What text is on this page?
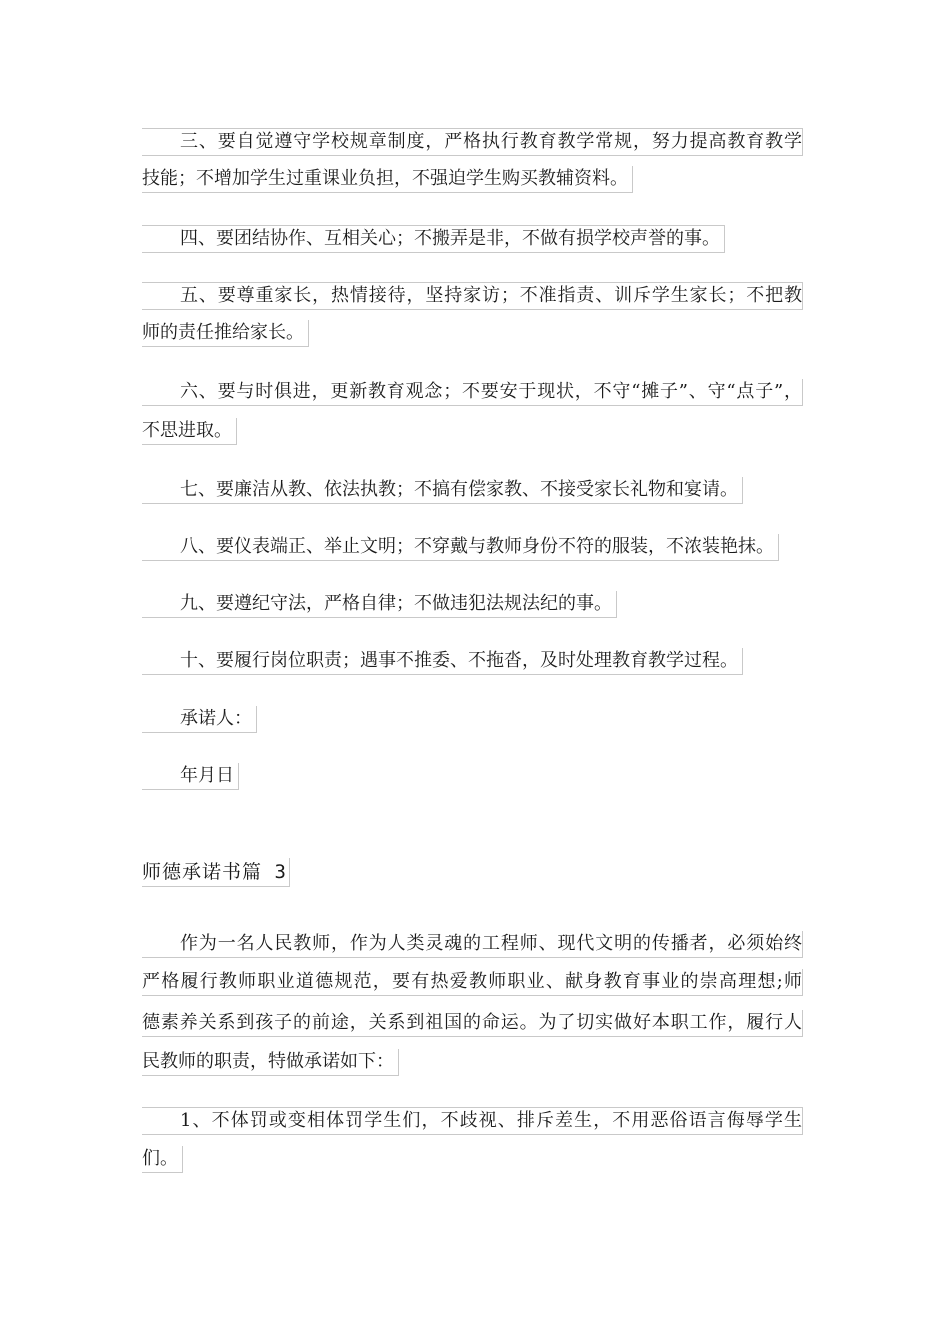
三、要自觉遵守学校规章制度，严格执行教育教学常规，努力提高教育教学
技能；不增加学生过重课业负担，不强迫学生购买教辅资料。
四、要团结协作、互相关心；不搬弄是非，不做有损学校声誉的事。
五、要尊重家长，热情接待，坚持家访；不准指责、训斥学生家长；不把教
师的责任推给家长。
六、要与时俱进，更新教育观念；不要安于现状，不守“摊子”、守“点子”，
不思进取。
七、要廉洁从教、依法执教；不搞有偿家教、不接受家长礼物和宴请。
八、要仪表端正、举止文明；不穿戴与教师身份不符的服装，不浓装艳抹。
九、要遵纪守法，严格自律；不做违犯法规法纪的事。
十、要履行岗位职责；遇事不推委、不拖沓，及时处理教育教学过程。
承诺人：
年月日
师德承诺书篇 3
作为一名人民教师，作为人类灵魂的工程师、现代文明的传播者，必须始终
严格履行教师职业道德规范，要有热爱教师职业、献身教育事业的崇高理想;师
德素养关系到孩子的前途，关系到祖国的命运。为了切实做好本职工作，履行人
民教师的职责，特做承诺如下：
1、不体罚或变相体罚学生们，不歧视、排斥差生，不用恶俗语言侮辱学生
们。
